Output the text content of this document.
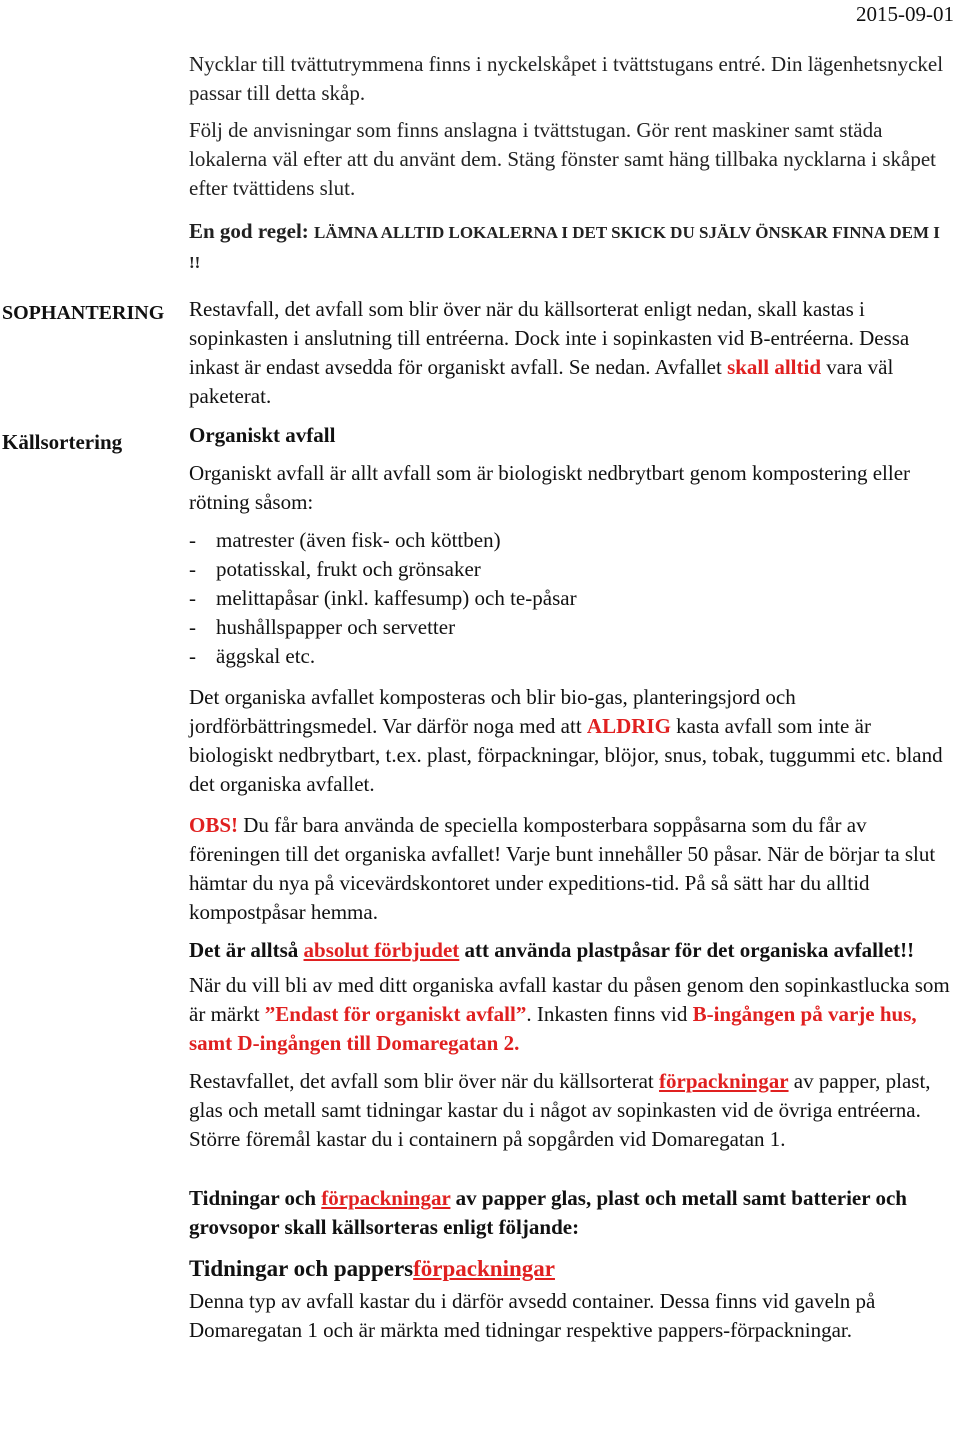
2015-09-01
SOPHANTERING
Källsortering

Nycklar till tvättutrymmena finns i nyckelskåpet i tvättstugans entré. Din lägenhetsnyckel passar till detta skåp.

Följ de anvisningar som finns anslagna i tvättstugan. Gör rent maskiner samt städa lokalerna väl efter att du använt dem. Stäng fönster samt häng tillbaka nycklarna i skåpet efter tvättidens slut.

En god regel: LÄMNA ALLTID LOKALERNA I DET SKICK DU SJÄLV ÖNSKAR FINNA DEM I !!

Restavfall, det avfall som blir över när du källsorterat enligt nedan, skall kastas i sopinkasten i anslutning till entréerna. Dock inte i sopinkasten vid B-entréerna. Dessa inkast är endast avsedda för organiskt avfall. Se nedan. Avfallet skall alltid vara väl paketerat.

Organiskt avfall

Organiskt avfall är allt avfall som är biologiskt nedbrytbart genom kompostering eller rötning såsom:

- matrester (även fisk- och köttben)
- potatisskal, frukt och grönsaker
- melittapåsar (inkl. kaffesump) och te-påsar
- hushållspapper och servetter
- äggskal etc.

Det organiska avfallet komposteras och blir bio-gas, planteringsjord och jordförbättringsmedel. Var därför noga med att ALDRIG kasta avfall som inte är biologiskt nedbrytbart, t.ex. plast, förpackningar, blöjor, snus, tobak, tuggummi etc. bland det organiska avfallet.

OBS! Du får bara använda de speciella komposterbara soppåsarna som du får av föreningen till det organiska avfallet! Varje bunt innehåller 50 påsar. När de börjar ta slut hämtar du nya på vicevärdskontoret under expeditions-tid. På så sätt har du alltid kompostpåsar hemma.

Det är alltså absolut förbjudet att använda plastpåsar för det organiska avfallet!!

När du vill bli av med ditt organiska avfall kastar du påsen genom den sopinkastlucka som är märkt ”Endast för organiskt avfall”. Inkasten finns vid B-ingången på varje hus, samt D-ingången till Domaregatan 2.

Restavfallet, det avfall som blir över när du källsorterat förpackningar av papper, plast, glas och metall samt tidningar kastar du i något av sopinkasten vid de övriga entréerna. Större föremål kastar du i containern på sopgården vid Domaregatan 1.

Tidningar och förpackningar av papper glas, plast och metall samt batterier och grovsopor skall källsorteras enligt följande:

Tidningar och pappersförpackningar

Denna typ av avfall kastar du i därför avsedd container. Dessa finns vid gaveln på Domaregatan 1 och är märkta med tidningar respektive pappers-förpackningar.
